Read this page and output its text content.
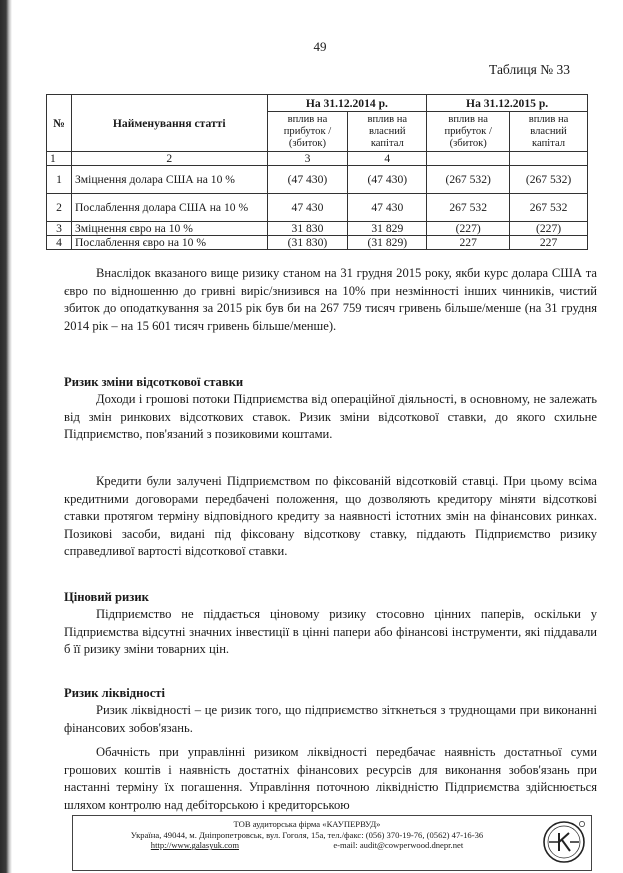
49
Таблиця № 33
№	Найменування статті	На 31.12.2014 р.		На 31.12.2015 р.	
		вплив на прибуток / (збиток)	вплив на власний капітал	вплив на прибуток / (збиток)	вплив на власний капітал
1	2	3	4		
1	Зміцнення долара США на 10 %	(47 430)	(47 430)	(267 532)	(267 532)
2	Послаблення долара США на 10 %	47 430	47 430	267 532	267 532
3	Зміцнення євро на 10 %	31 830	31 829	(227)	(227)
4	Послаблення євро на 10 %	(31 830)	(31 829)	227	227

Внаслідок вказаного вище ризику станом на 31 грудня 2015 року, якби курс долара США та євро по відношенню до гривні виріс/знизився на 10% при незмінності інших чинників, чистий збиток до оподаткування за 2015 рік був би на 267 759 тисяч гривень більше/менше (на 31 грудня 2014 рік – на 15 601 тисяч гривень більше/менше).

Ризик зміни відсоткової ставки

Доходи і грошові потоки Підприємства від операційної діяльності, в основному, не залежать від змін ринкових відсоткових ставок. Ризик зміни відсоткової ставки, до якого схильне Підприємство, пов'язаний з позиковими коштами.

Кредити були залучені Підприємством по фіксованій відсотковій ставці. При цьому всіма кредитними договорами передбачені положення, що дозволяють кредитору міняти відсоткові ставки протягом терміну відповідного кредиту за наявності істотних змін на фінансових ринках. Позикові засоби, видані під фіксовану відсоткову ставку, піддають Підприємство ризику справедливої вартості відсоткової ставки.

Ціновий ризик

Підприємство не піддається ціновому ризику стосовно цінних паперів, оскільки у Підприємства відсутні значних інвестиції в цінні папери або фінансові інструменти, які піддавали б її ризику зміни товарних цін.

Ризик ліквідності

Ризик ліквідності – це ризик того, що підприємство зіткнеться з труднощами при виконанні фінансових зобов'язань.

Обачність при управлінні ризиком ліквідності передбачає наявність достатньої суми грошових коштів і наявність достатніх фінансових ресурсів для виконання зобов'язань при настанні терміну їх погашення. Управління поточною ліквідністю Підприємства здійснюється шляхом контролю над дебіторською і кредиторською

ТОВ аудиторська фірма «КАУПЕРВУД»
Україна, 49044, м. Дніпропетровськ, вул. Гоголя, 15а, тел./факс: (056) 370-19-76, (0562) 47-16-36
http://www.galasyuk.com	e-mail: audit@cowperwood.dnepr.net
